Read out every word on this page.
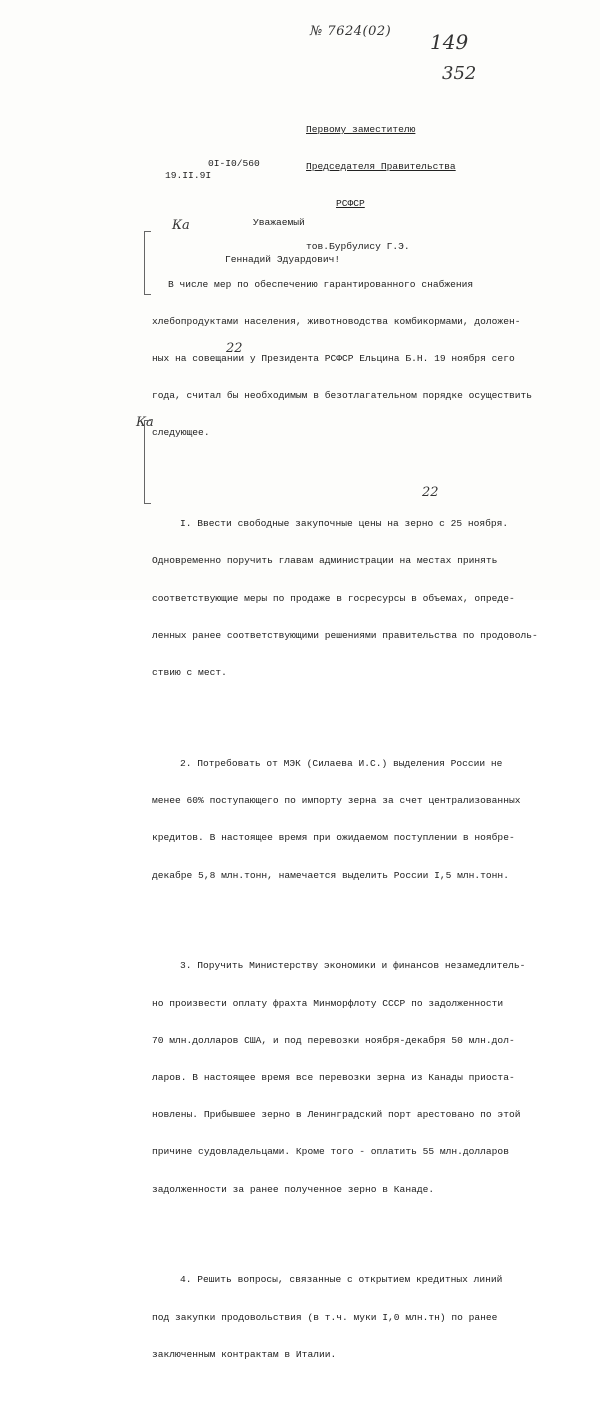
№ 7624(02) 149
352

Первому заместителю

Председателя Правительства

РСФСР

тов.Бурбулису Г.Э.

19.II.9I

0I-I0/560

Уважаемый

Геннадий Эдуардович!

Ка
Ка
22
22

В числе мер по обеспечению гарантированного снабжения

хлебопродуктами населения, животноводства комбикормами, доложен-

ных на совещании у Президента РСФСР Ельцина Б.Н. 19 ноября сего

года, считал бы необходимым в безотлагательном порядке осуществить

следующее.

I. Ввести свободные закупочные цены на зерно с 25 ноября.

Одновременно поручить главам администрации на местах принять

соответствующие меры по продаже в госресурсы в объемах, опреде-

ленных ранее соответствующими решениями правительства по продоволь-

ствию с мест.

2. Потребовать от МЭК (Силаева И.С.) выделения России не

менее 60% поступающего по импорту зерна за счет централизованных

кредитов. В настоящее время при ожидаемом поступлении в ноябре-

декабре 5,8 млн.тонн, намечается выделить России I,5 млн.тонн.

3. Поручить Министерству экономики и финансов незамедлитель-

но произвести оплату фрахта Минморфлоту СССР по задолженности

70 млн.долларов США, и под перевозки ноября-декабря 50 млн.дол-

ларов. В настоящее время все перевозки зерна из Канады приоста-

новлены. Прибывшее зерно в Ленинградский порт арестовано по этой

причине судовладельцами. Кроме того - оплатить 55 млн.долларов

задолженности за ранее полученное зерно в Канаде.

4. Решить вопросы, связанные с открытием кредитных линий

под закупки продовольствия (в т.ч. муки I,0 млн.тн) по ранее

заключенным контрактам в Италии.
